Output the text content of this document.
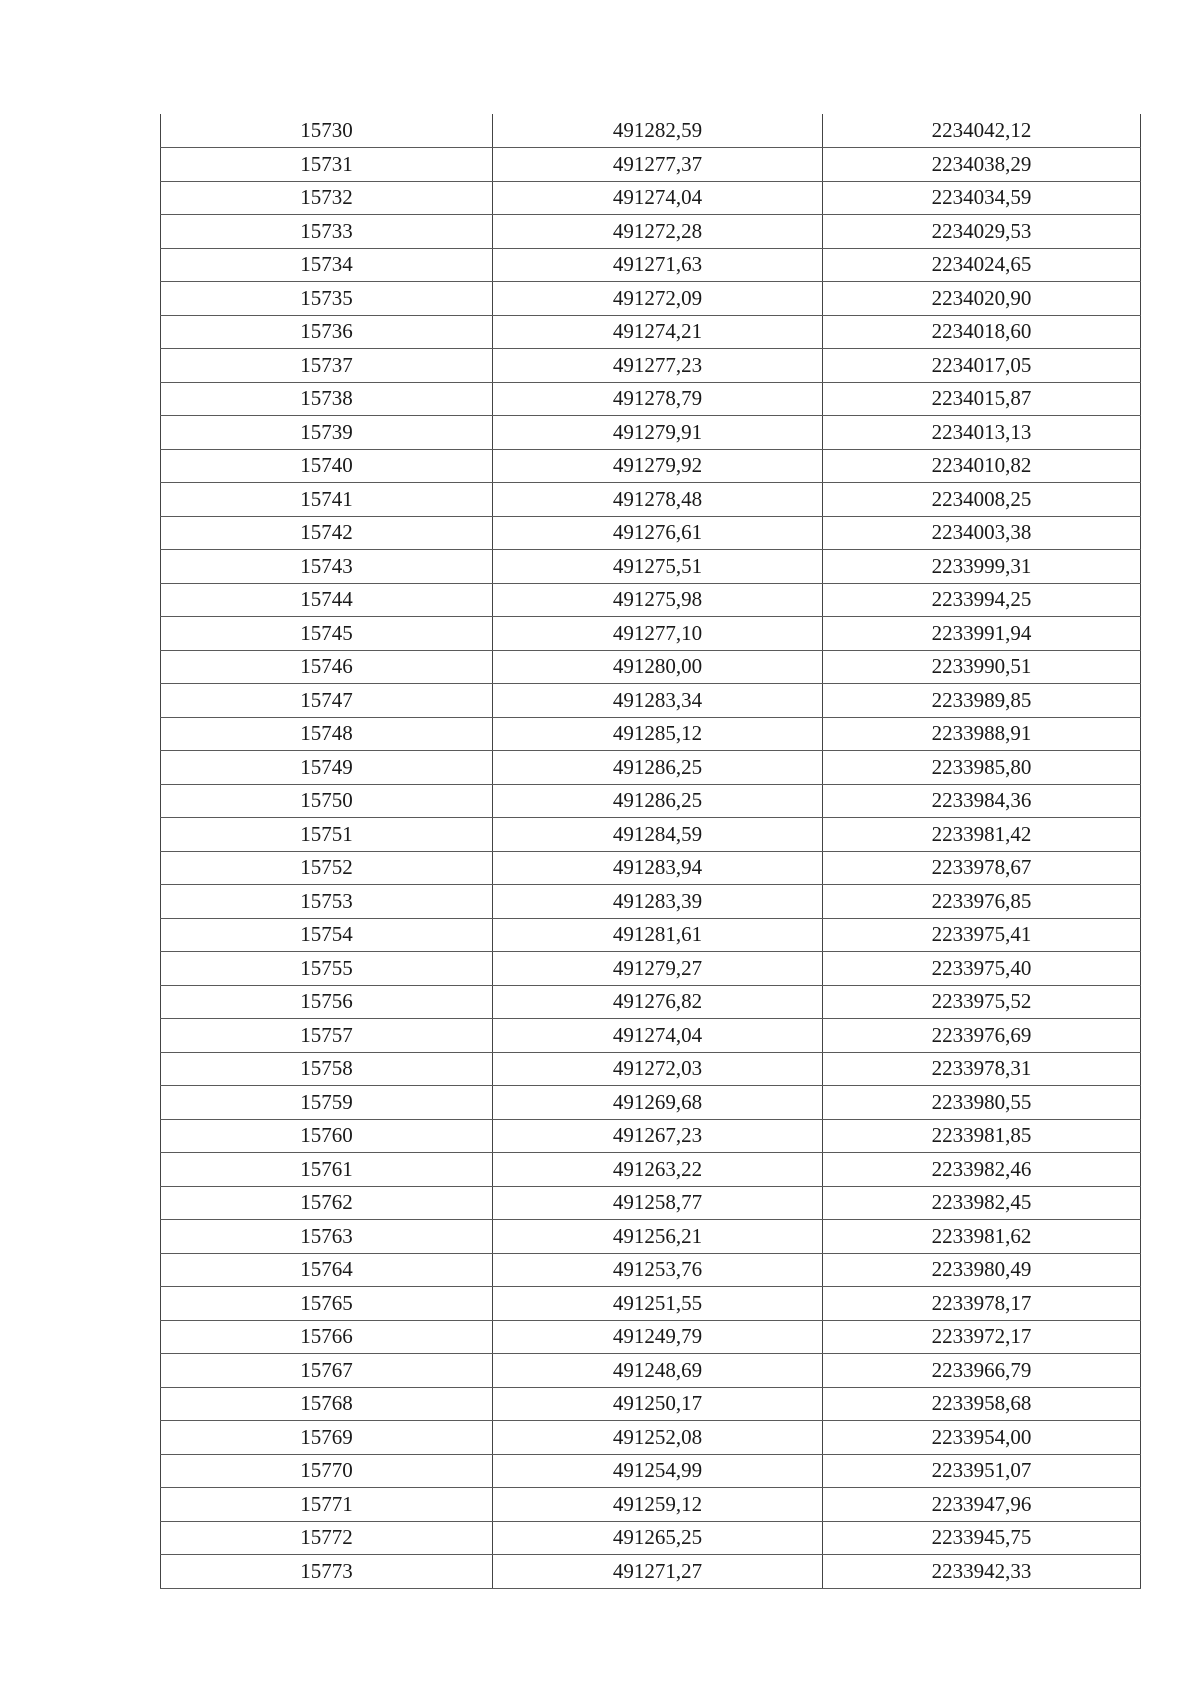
15730	491282,59	2234042,12
15731	491277,37	2234038,29
15732	491274,04	2234034,59
15733	491272,28	2234029,53
15734	491271,63	2234024,65
15735	491272,09	2234020,90
15736	491274,21	2234018,60
15737	491277,23	2234017,05
15738	491278,79	2234015,87
15739	491279,91	2234013,13
15740	491279,92	2234010,82
15741	491278,48	2234008,25
15742	491276,61	2234003,38
15743	491275,51	2233999,31
15744	491275,98	2233994,25
15745	491277,10	2233991,94
15746	491280,00	2233990,51
15747	491283,34	2233989,85
15748	491285,12	2233988,91
15749	491286,25	2233985,80
15750	491286,25	2233984,36
15751	491284,59	2233981,42
15752	491283,94	2233978,67
15753	491283,39	2233976,85
15754	491281,61	2233975,41
15755	491279,27	2233975,40
15756	491276,82	2233975,52
15757	491274,04	2233976,69
15758	491272,03	2233978,31
15759	491269,68	2233980,55
15760	491267,23	2233981,85
15761	491263,22	2233982,46
15762	491258,77	2233982,45
15763	491256,21	2233981,62
15764	491253,76	2233980,49
15765	491251,55	2233978,17
15766	491249,79	2233972,17
15767	491248,69	2233966,79
15768	491250,17	2233958,68
15769	491252,08	2233954,00
15770	491254,99	2233951,07
15771	491259,12	2233947,96
15772	491265,25	2233945,75
15773	491271,27	2233942,33
